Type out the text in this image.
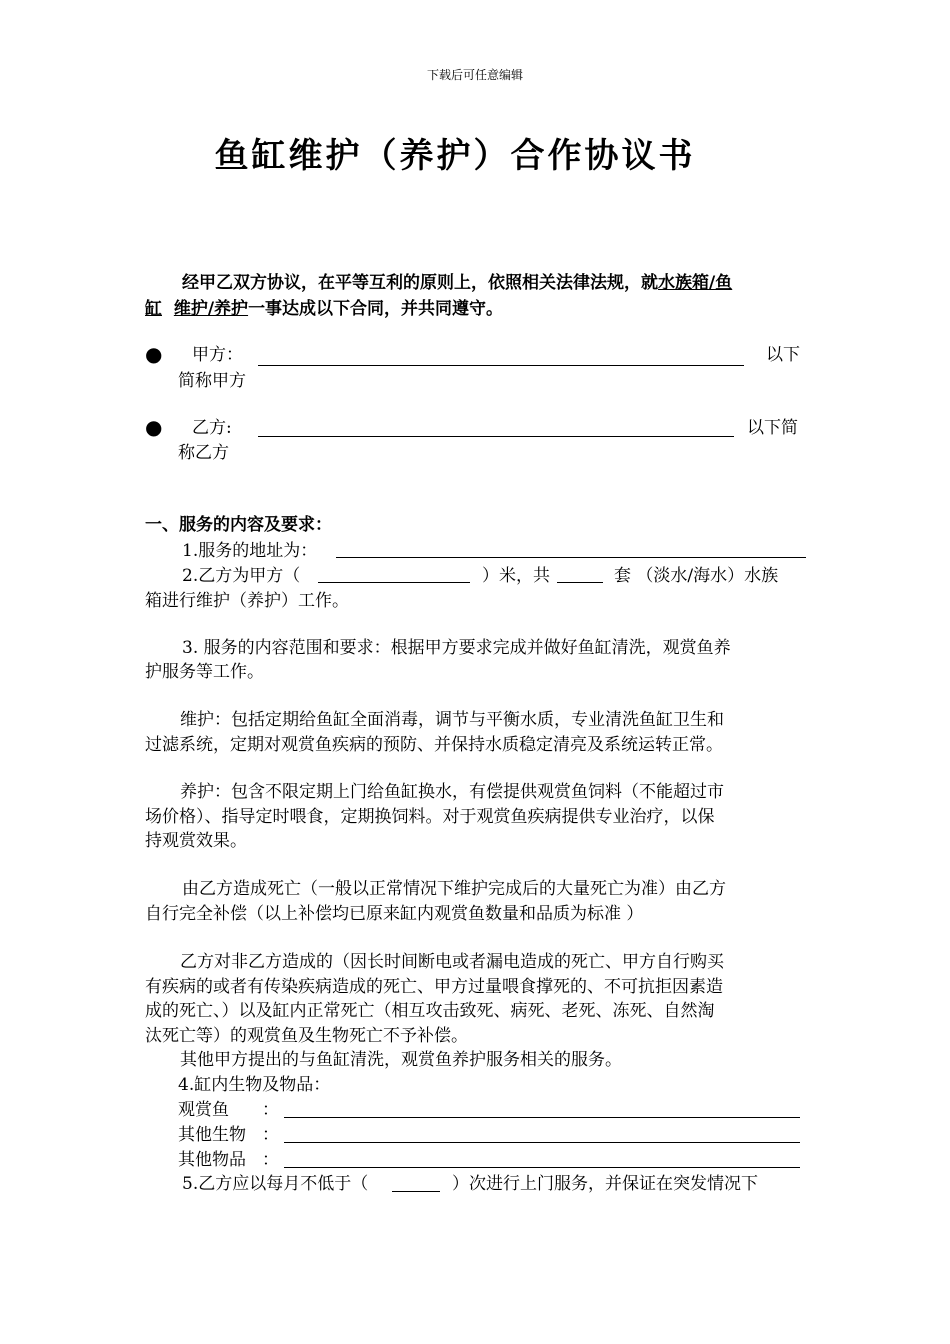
下载后可任意编辑
鱼缸维护（养护）合作协议书
经甲乙双方协议，在平等互利的原则上，依照相关法律法规，就水族箱/鱼
缸 维护/养护一事达成以下合同，并共同遵守。
● 甲方：	以下
简称甲方
● 乙方:	以下简
称乙方
一、服务的内容及要求：
1.服务的地址为：
2.乙方为甲方（	）米，共	套 （淡水/海水）水族
箱进行维护（养护）工作。
3. 服务的内容范围和要求：根据甲方要求完成并做好鱼缸清洗，观赏鱼养
护服务等工作。
维护：包括定期给鱼缸全面消毒，调节与平衡水质，专业清洗鱼缸卫生和
过滤系统，定期对观赏鱼疾病的预防、并保持水质稳定清亮及系统运转正常。
养护：包含不限定期上门给鱼缸换水，有偿提供观赏鱼饲料（不能超过市
场价格）、指导定时喂食，定期换饲料。对于观赏鱼疾病提供专业治疗，以保
持观赏效果。
由乙方造成死亡（一般以正常情况下维护完成后的大量死亡为准）由乙方
自行完全补偿（以上补偿均已原来缸内观赏鱼数量和品质为标准 ）
乙方对非乙方造成的（因长时间断电或者漏电造成的死亡、甲方自行购买
有疾病的或者有传染疾病造成的死亡、甲方过量喂食撑死的、不可抗拒因素造
成的死亡、）以及缸内正常死亡（相互攻击致死、病死、老死、冻死、自然淘
汰死亡等）的观赏鱼及生物死亡不予补偿。
其他甲方提出的与鱼缸清洗，观赏鱼养护服务相关的服务。
4.缸内生物及物品：
观赏鱼 ：
其他生物 ：
其他物品 ：
5.乙方应以每月不低于（	）次进行上门服务，并保证在突发情况下
